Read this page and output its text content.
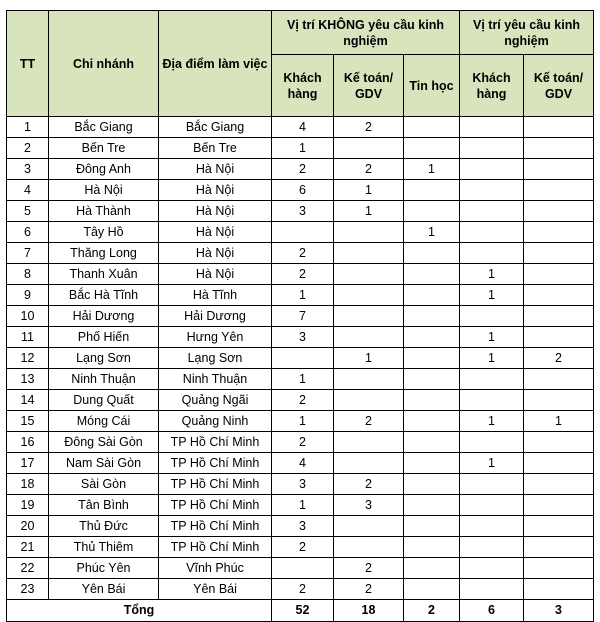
TT	Chi nhánh	Địa điểm làm việc	Vị trí KHÔNG yêu cầu kinh nghiệm			Vị trí yêu cầu kinh nghiệm	
			Khách hàng	Kế toán/ GDV	Tin học	Khách hàng	Kế toán/ GDV
1	Bắc Giang	Bắc Giang	4	2			
2	Bến Tre	Bến Tre	1				
3	Đông Anh	Hà Nội	2	2	1		
4	Hà Nội	Hà Nội	6	1			
5	Hà Thành	Hà Nội	3	1			
6	Tây Hồ	Hà Nội			1		
7	Thăng Long	Hà Nội	2				
8	Thanh Xuân	Hà Nội	2			1	
9	Bắc Hà Tĩnh	Hà Tĩnh	1			1	
10	Hải Dương	Hải Dương	7				
11	Phố Hiến	Hưng Yên	3			1	
12	Lạng Sơn	Lạng Sơn		1		1	2
13	Ninh Thuận	Ninh Thuận	1				
14	Dung Quất	Quảng Ngãi	2				
15	Móng Cái	Quảng Ninh	1	2		1	1
16	Đông Sài Gòn	TP Hồ Chí Minh	2				
17	Nam Sài Gòn	TP Hồ Chí Minh	4			1	
18	Sài Gòn	TP Hồ Chí Minh	3	2			
19	Tân Bình	TP Hồ Chí Minh	1	3			
20	Thủ Đức	TP Hồ Chí Minh	3				
21	Thủ Thiêm	TP Hồ Chí Minh	2				
22	Phúc Yên	Vĩnh Phúc		2			
23	Yên Bái	Yên Bái	2	2			
Tổng			52	18	2	6	3
